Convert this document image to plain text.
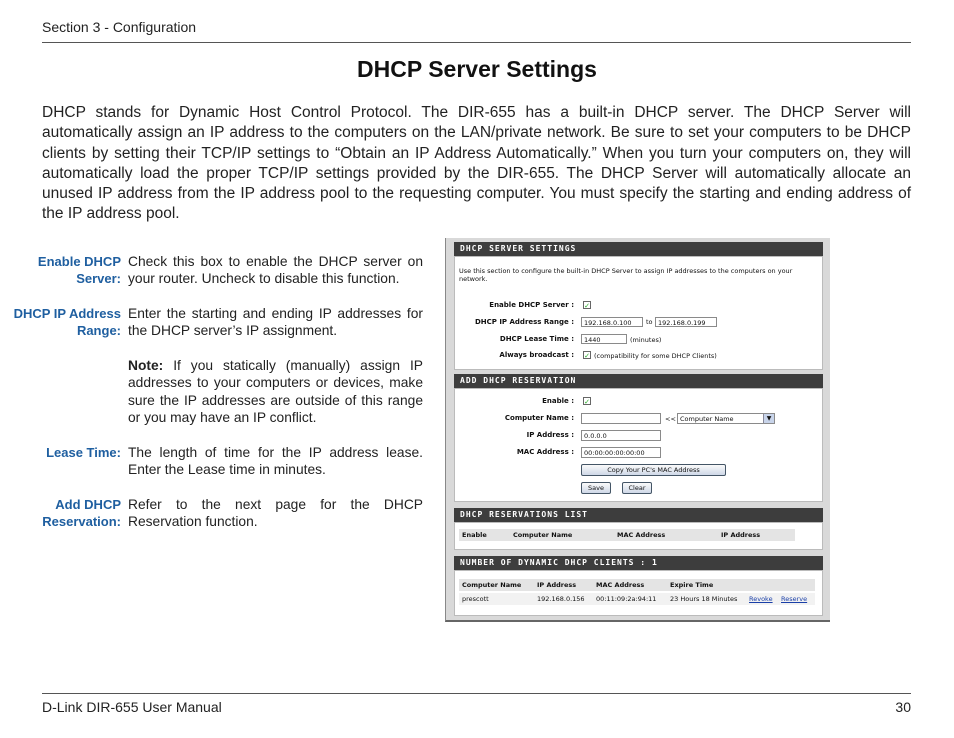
Section 3 - Configuration
DHCP Server Settings
DHCP stands for Dynamic Host Control Protocol. The DIR-655 has a built-in DHCP server. The DHCP Server will automatically assign an IP address to the computers on the LAN/private network. Be sure to set your computers to be DHCP clients by setting their TCP/IP settings to “Obtain an IP Address Automatically.” When you turn your computers on, they will automatically load the proper TCP/IP settings provided by the DIR-655. The DHCP Server will automatically allocate an unused IP address from the IP address pool to the requesting computer. You must specify the starting and ending address of the IP address pool.
Enable DHCP
Server:
Check this box to enable the DHCP server on your router. Uncheck to disable this function.
DHCP IP Address
Range:
Enter the starting and ending IP addresses for the DHCP server’s IP assignment.
Note: If you statically (manually) assign IP addresses to your computers or devices, make sure the IP addresses are outside of this range or you may have an IP conflict.
Lease Time: The length of time for the IP address lease. Enter the Lease time in minutes.
Add DHCP
Reservation:
Refer to the next page for the DHCP Reservation function.
DHCP SERVER SETTINGS
Use this section to configure the built-in DHCP Server to assign IP addresses to the computers on your network.
Enable DHCP Server : ✓
DHCP IP Address Range :	192.168.0.100	to 192.168.0.199
DHCP Lease Time :	1440	(minutes)
Always broadcast : ✓ (compatibility for some DHCP Clients)
ADD DHCP RESERVATION
Enable : ✓
Computer Name :	<< Computer Name	▼
IP Address :	0.0.0.0
MAC Address :	00:00:00:00:00:00
Copy Your PC's MAC Address
Save	Clear
DHCP RESERVATIONS LIST
Enable	Computer Name	MAC Address	IP Address
NUMBER OF DYNAMIC DHCP CLIENTS : 1
Computer Name IP Address	MAC Address	Expire Time
prescott	192.168.0.156 00:11:09:2a:94:11 23 Hours 18 Minutes Revoke Reserve
D-Link DIR-655 User Manual	30
